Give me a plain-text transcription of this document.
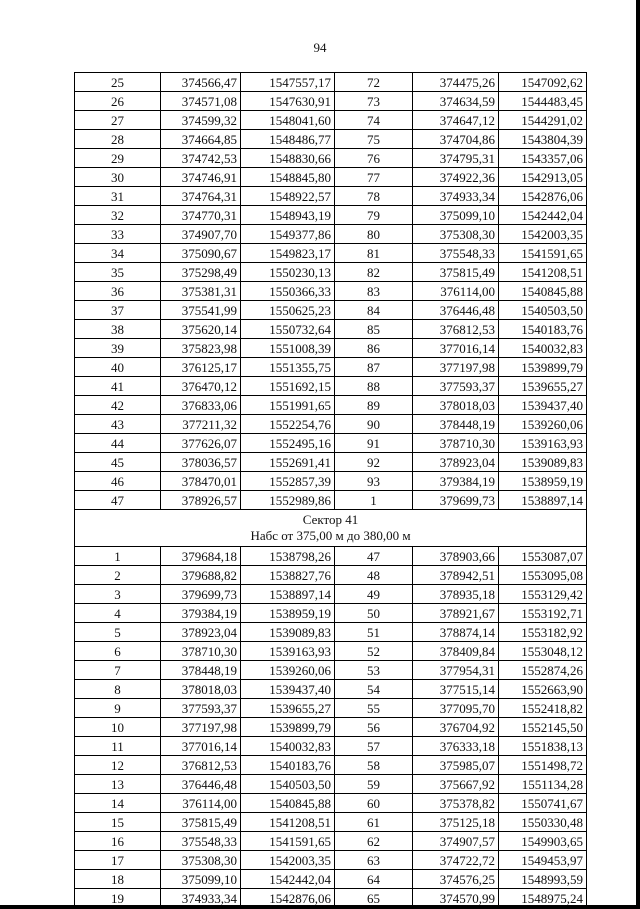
94
25	374566,47	1547557,17	72	374475,26	1547092,62
26	374571,08	1547630,91	73	374634,59	1544483,45
27	374599,32	1548041,60	74	374647,12	1544291,02
28	374664,85	1548486,77	75	374704,86	1543804,39
29	374742,53	1548830,66	76	374795,31	1543357,06
30	374746,91	1548845,80	77	374922,36	1542913,05
31	374764,31	1548922,57	78	374933,34	1542876,06
32	374770,31	1548943,19	79	375099,10	1542442,04
33	374907,70	1549377,86	80	375308,30	1542003,35
34	375090,67	1549823,17	81	375548,33	1541591,65
35	375298,49	1550230,13	82	375815,49	1541208,51
36	375381,31	1550366,33	83	376114,00	1540845,88
37	375541,99	1550625,23	84	376446,48	1540503,50
38	375620,14	1550732,64	85	376812,53	1540183,76
39	375823,98	1551008,39	86	377016,14	1540032,83
40	376125,17	1551355,75	87	377197,98	1539899,79
41	376470,12	1551692,15	88	377593,37	1539655,27
42	376833,06	1551991,65	89	378018,03	1539437,40
43	377211,32	1552254,76	90	378448,19	1539260,06
44	377626,07	1552495,16	91	378710,30	1539163,93
45	378036,57	1552691,41	92	378923,04	1539089,83
46	378470,01	1552857,39	93	379384,19	1538959,19
47	378926,57	1552989,86	1	379699,73	1538897,14

Сектор 41
Набс от 375,00 м до 380,00 м					

1	379684,18	1538798,26	47	378903,66	1553087,07
2	379688,82	1538827,76	48	378942,51	1553095,08
3	379699,73	1538897,14	49	378935,18	1553129,42
4	379384,19	1538959,19	50	378921,67	1553192,71
5	378923,04	1539089,83	51	378874,14	1553182,92
6	378710,30	1539163,93	52	378409,84	1553048,12
7	378448,19	1539260,06	53	377954,31	1552874,26
8	378018,03	1539437,40	54	377515,14	1552663,90
9	377593,37	1539655,27	55	377095,70	1552418,82
10	377197,98	1539899,79	56	376704,92	1552145,50
11	377016,14	1540032,83	57	376333,18	1551838,13
12	376812,53	1540183,76	58	375985,07	1551498,72
13	376446,48	1540503,50	59	375667,92	1551134,28
14	376114,00	1540845,88	60	375378,82	1550741,67
15	375815,49	1541208,51	61	375125,18	1550330,48
16	375548,33	1541591,65	62	374907,57	1549903,65
17	375308,30	1542003,35	63	374722,72	1549453,97
18	375099,10	1542442,04	64	374576,25	1548993,59
19	374933,34	1542876,06	65	374570,99	1548975,24
